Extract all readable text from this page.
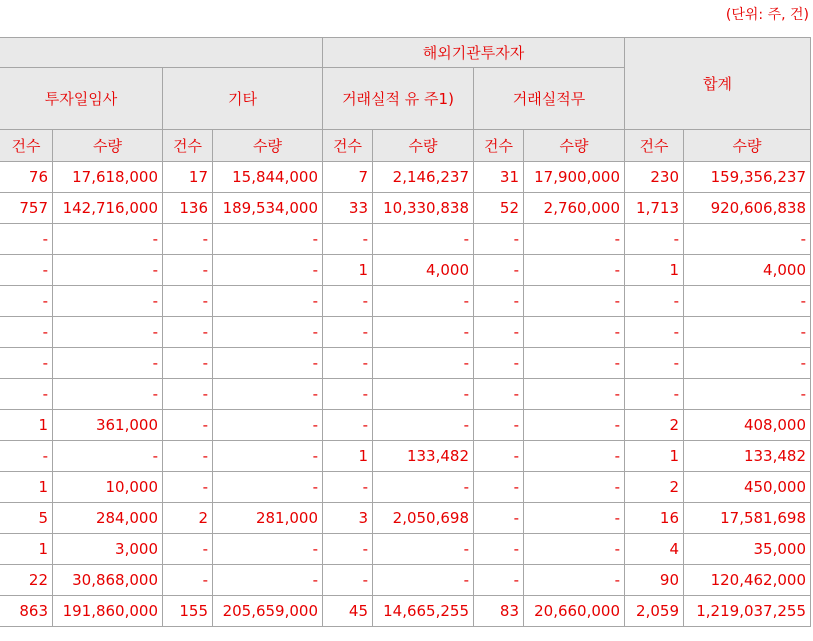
(단위: 주, 건)
				해외기관투자자				합계	
투자일임사		기타		거래실적 유 주1)		거래실적무			
건수	수량	건수	수량	건수	수량	건수	수량	건수	수량
76	17,618,000	17	15,844,000	7	2,146,237	31	17,900,000	230	159,356,237
757	142,716,000	136	189,534,000	33	10,330,838	52	2,760,000	1,713	920,606,838
-	-	-	-	-	-	-	-	-	-
-	-	-	-	1	4,000	-	-	1	4,000
-	-	-	-	-	-	-	-	-	-
-	-	-	-	-	-	-	-	-	-
-	-	-	-	-	-	-	-	-	-
-	-	-	-	-	-	-	-	-	-
1	361,000	-	-	-	-	-	-	2	408,000
-	-	-	-	1	133,482	-	-	1	133,482
1	10,000	-	-	-	-	-	-	2	450,000
5	284,000	2	281,000	3	2,050,698	-	-	16	17,581,698
1	3,000	-	-	-	-	-	-	4	35,000
22	30,868,000	-	-	-	-	-	-	90	120,462,000
863	191,860,000	155	205,659,000	45	14,665,255	83	20,660,000	2,059	1,219,037,255
